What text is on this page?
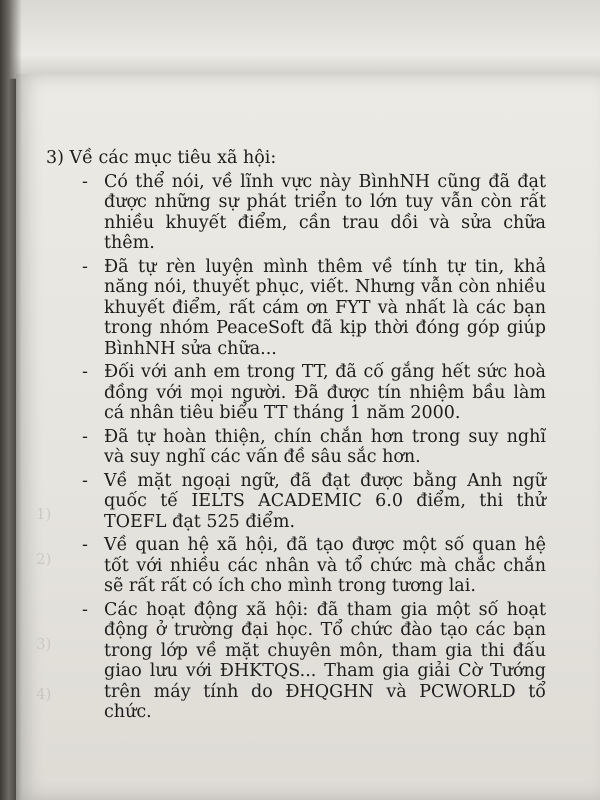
1)
2)
3)
4)
3) Về các mục tiêu xã hội:
- Có thể nói, về lĩnh vực này BìnhNH cũng đã đạt được những sự phát triển to lớn tuy vẫn còn rất nhiều khuyết điểm, cần trau dồi và sửa chữa thêm.
- Đã tự rèn luyện mình thêm về tính tự tin, khả năng nói, thuyết phục, viết. Nhưng vẫn còn nhiều khuyết điểm, rất cám ơn FYT và nhất là các bạn trong nhóm PeaceSoft đã kịp thời đóng góp giúp BìnhNH sửa chữa...
- Đối với anh em trong TT, đã cố gắng hết sức hoà đồng với mọi người. Đã được tín nhiệm bầu làm cá nhân tiêu biểu TT tháng 1 năm 2000.
- Đã tự hoàn thiện, chín chắn hơn trong suy nghĩ và suy nghĩ các vấn đề sâu sắc hơn.
- Về mặt ngoại ngữ, đã đạt được bằng Anh ngữ quốc tế IELTS ACADEMIC 6.0 điểm, thi thử TOEFL đạt 525 điểm.
- Về quan hệ xã hội, đã tạo được một số quan hệ tốt với nhiều các nhân và tổ chức mà chắc chắn sẽ rất rất có ích cho mình trong tương lai.
- Các hoạt động xã hội: đã tham gia một số hoạt động ở trường đại học. Tổ chức đào tạo các bạn trong lớp về mặt chuyên môn, tham gia thi đấu giao lưu với ĐHKTQS... Tham gia giải Cờ Tướng trên máy tính do ĐHQGHN và PCWORLD tổ chức.
